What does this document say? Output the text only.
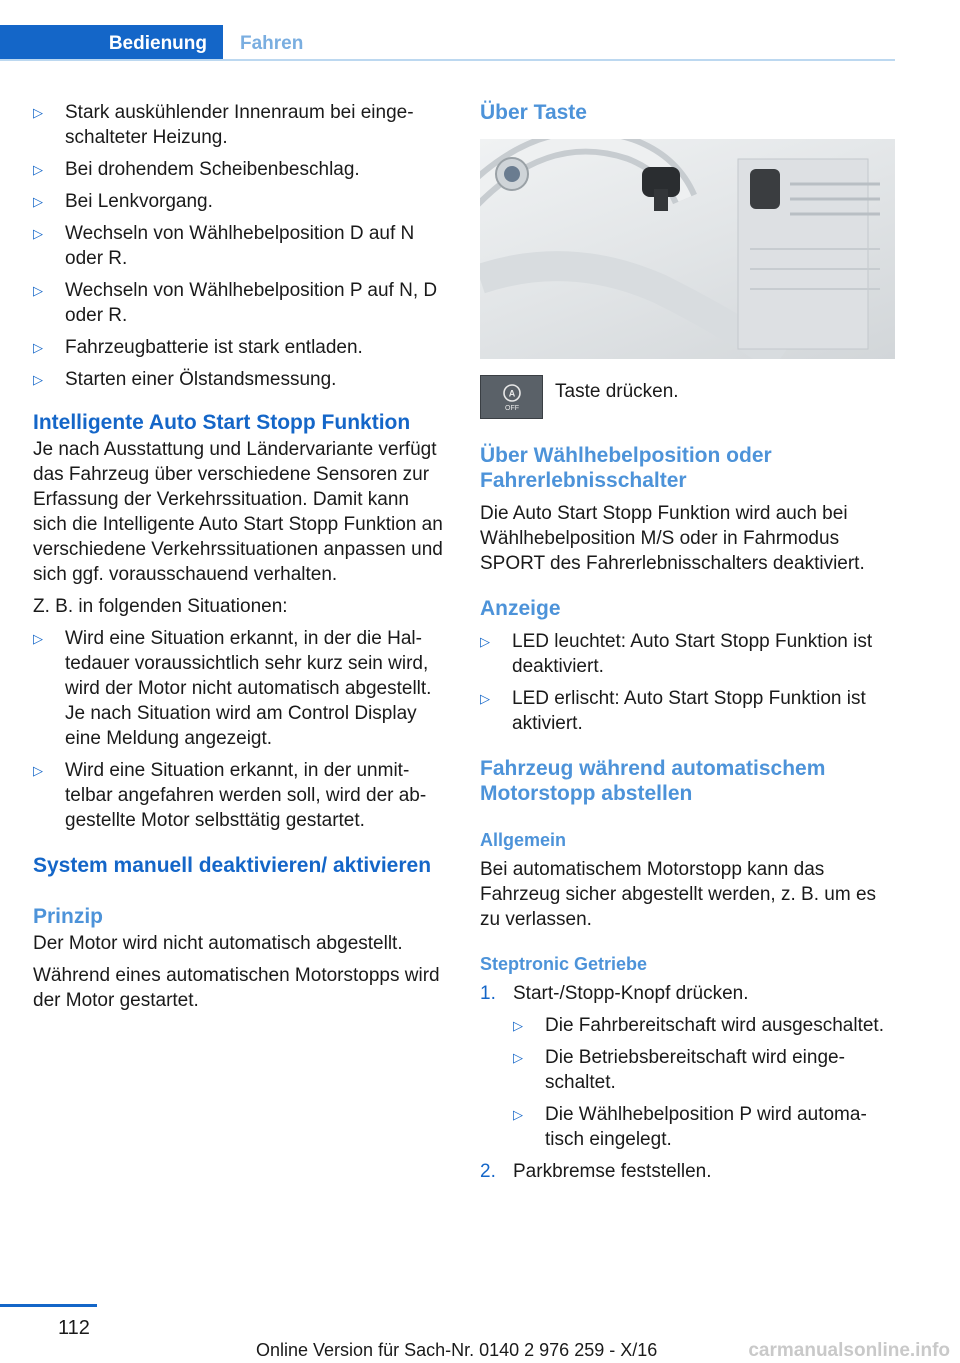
Bedienung	Fahren
▷ Stark auskühlender Innenraum bei eingeschalteter Heizung.
▷ Bei drohendem Scheibenbeschlag.
▷ Bei Lenkvorgang.
▷ Wechseln von Wählhebelposition D auf N oder R.
▷ Wechseln von Wählhebelposition P auf N, D oder R.
▷ Fahrzeugbatterie ist stark entladen.
▷ Starten einer Ölstandsmessung.
Intelligente Auto Start Stopp Funktion

Je nach Ausstattung und Ländervariante verfügt das Fahrzeug über verschiedene Sensoren zur Erfassung der Verkehrssituation. Damit kann sich die Intelligente Auto Start Stopp Funktion an verschiedene Verkehrssituationen anpassen und sich ggf. vorausschauend verhalten.

Z. B. in folgenden Situationen:

▷ Wird eine Situation erkannt, in der die Haltedauer voraussichtlich sehr kurz sein wird, wird der Motor nicht automatisch abgestellt. Je nach Situation wird am Control Display eine Meldung angezeigt.
▷ Wird eine Situation erkannt, in der unmittelbar angefahren werden soll, wird der abgestellte Motor selbsttätig gestartet.
System manuell deaktivieren/ aktivieren
Prinzip

Der Motor wird nicht automatisch abgestellt.

Während eines automatischen Motorstopps wird der Motor gestartet.

Über Taste
A
OFF
Taste drücken.
Über Wählhebelposition oder Fahrerlebnisschalter

Die Auto Start Stopp Funktion wird auch bei Wählhebelposition M/S oder in Fahrmodus SPORT des Fahrerlebnisschalters deaktiviert.

Anzeige
▷ LED leuchtet: Auto Start Stopp Funktion ist deaktiviert.
▷ LED erlischt: Auto Start Stopp Funktion ist aktiviert.
Fahrzeug während automatischem Motorstopp abstellen
Allgemein

Bei automatischem Motorstopp kann das Fahrzeug sicher abgestellt werden, z. B. um es zu verlassen.

Steptronic Getriebe
1. Start-/Stopp-Knopf drücken.
▷ Die Fahrbereitschaft wird ausgeschaltet.
▷ Die Betriebsbereitschaft wird eingeschaltet.
▷ Die Wählhebelposition P wird automatisch eingelegt.
2. Parkbremse feststellen.
112
Online Version für Sach-Nr. 0140 2 976 259 - X/16	carmanualsonline.info
